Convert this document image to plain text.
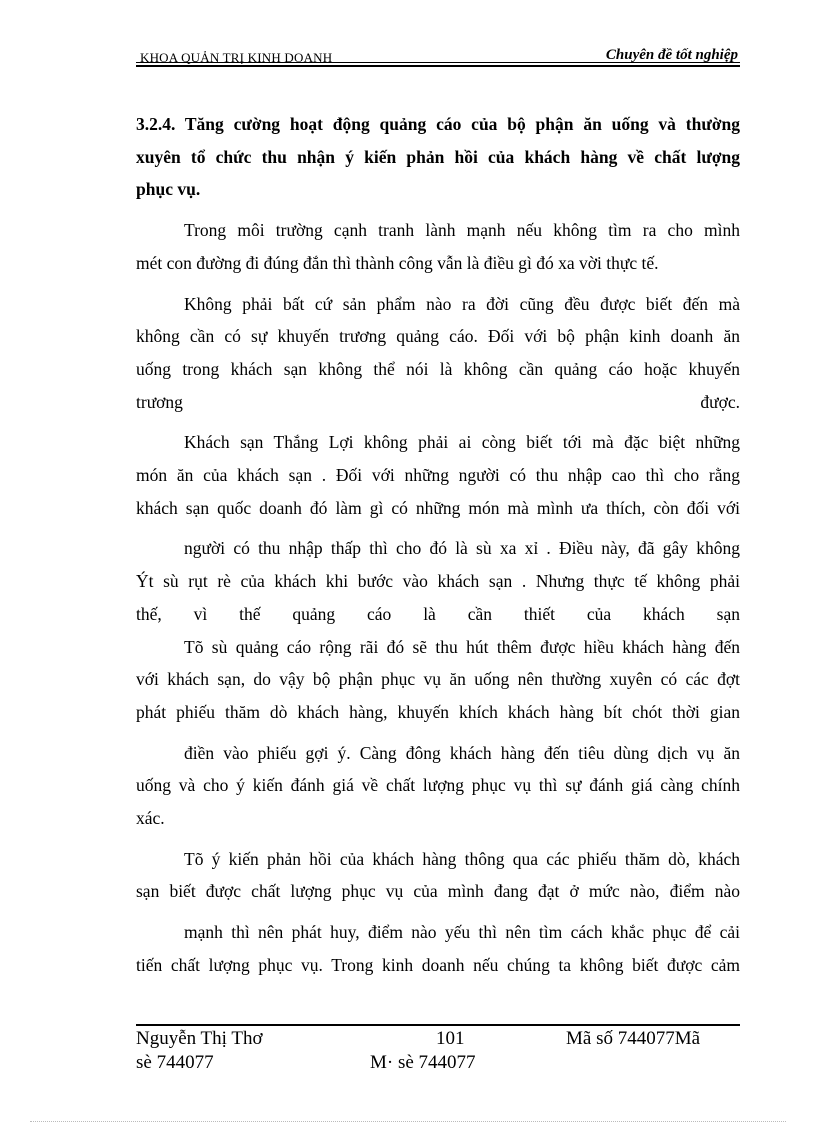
KHOA QUẢN TRỊ KINH DOANH	Chuyên đề tốt nghiệp
3.2.4. Tăng cường hoạt động quảng cáo của bộ phận ăn uống và thường
xuyên tổ chức thu nhận ý kiến phản hồi của khách hàng về chất lượng
phục vụ.
Trong môi trường cạnh tranh lành mạnh nếu không tìm ra cho mình
mét con đường đi đúng đắn thì thành công vẫn là điều gì đó xa vời thực tế.
Không phải bất cứ sản phẩm nào ra đời cũng đều được biết đến mà
không cần có sự khuyến trương quảng cáo. Đối với bộ phận kinh doanh ăn
uống trong khách sạn không thể nói là không cần quảng cáo hoặc khuyến
trương được.
Khách sạn Thắng Lợi không phải ai còng biết tới mà đặc biệt những
món ăn của khách sạn . Đối với những người có thu nhập cao thì cho rằng
khách sạn quốc doanh đó làm gì có những món mà mình ưa thích, còn đối với
người có thu nhập thấp thì cho đó là sù xa xỉ . Điều này, đã gây không
Ýt sù rụt rè của khách khi bước vào khách sạn . Nhưng thực tế không phải
thế, vì thế quảng cáo là cần thiết của khách sạn
Tõ sù quảng cáo rộng rãi đó sẽ thu hút thêm được hiều khách hàng đến
với khách sạn, do vậy bộ phận phục vụ ăn uống nên thường xuyên có các đợt
phát phiếu thăm dò khách hàng, khuyến khích khách hàng bít chót thời gian
điền vào phiếu gợi ý. Càng đông khách hàng đến tiêu dùng dịch vụ ăn
uống và cho ý kiến đánh giá về chất lượng phục vụ thì sự đánh giá càng chính
xác.
Tõ ý kiến phản hồi của khách hàng thông qua các phiếu thăm dò, khách
sạn biết được chất lượng phục vụ của mình đang đạt ở mức nào, điểm nào
mạnh thì nên phát huy, điểm nào yếu thì nên tìm cách khắc phục để cải
tiến chất lượng phục vụ. Trong kinh doanh nếu chúng ta không biết được cảm
Nguyễn Thị Thơ
sè 744077
101
M· sè 744077
Mã số 744077Mã
